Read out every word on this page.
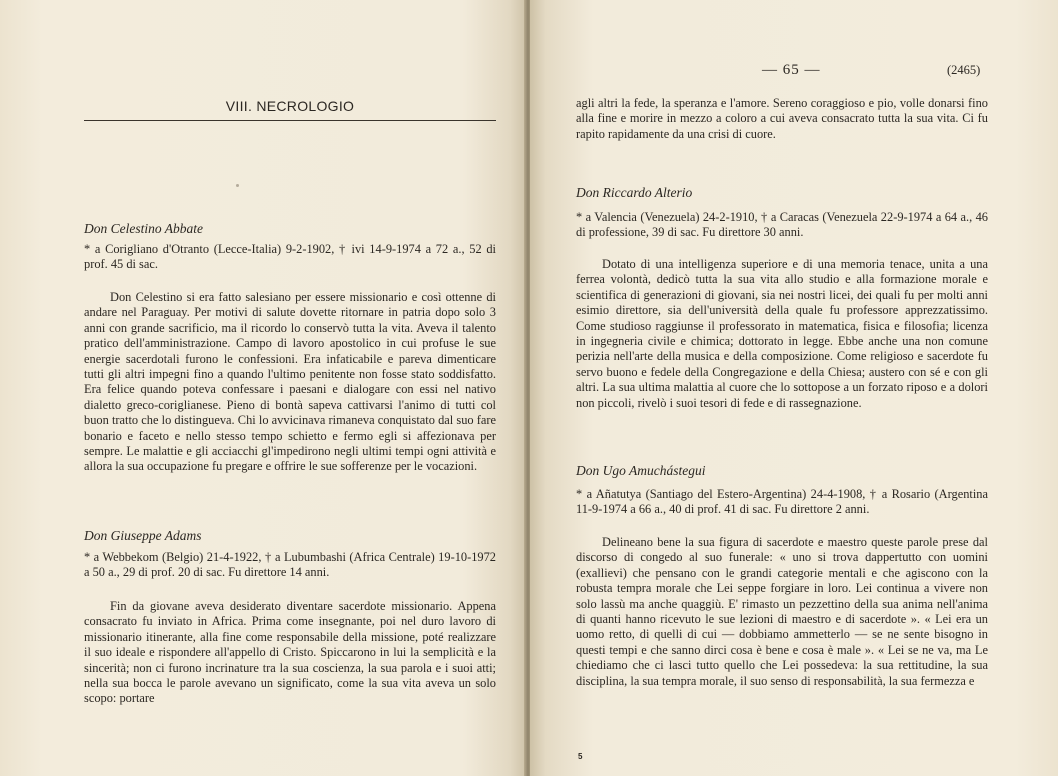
VIII. NECROLOGIO
Don Celestino Abbate

* a Corigliano d'Otranto (Lecce-Italia) 9-2-1902, † ivi 14-9-1974 a 72 a., 52 di prof. 45 di sac.

Don Celestino si era fatto salesiano per essere missionario e così ottenne di andare nel Paraguay. Per motivi di salute dovette ritornare in patria dopo solo 3 anni con grande sacrificio, ma il ricordo lo conservò tutta la vita. Aveva il talento pratico dell'amministrazione. Campo di lavoro apostolico in cui profuse le sue energie sacerdotali furono le confessioni. Era infaticabile e pareva dimenticare tutti gli altri impegni fino a quando l'ultimo penitente non fosse stato soddisfatto. Era felice quando poteva confessare i paesani e dialogare con essi nel nativo dialetto greco-coriglianese. Pieno di bontà sapeva cattivarsi l'animo di tutti col buon tratto che lo distingueva. Chi lo avvicinava rimaneva conquistato dal suo fare bonario e faceto e nello stesso tempo schietto e fermo egli si affezionava per sempre. Le malattie e gli acciacchi gl'impedirono negli ultimi tempi ogni attività e allora la sua occupazione fu pregare e offrire le sue sofferenze per le vocazioni.

Don Giuseppe Adams

* a Webbekom (Belgio) 21-4-1922, † a Lubumbashi (Africa Centrale) 19-10-1972 a 50 a., 29 di prof. 20 di sac. Fu direttore 14 anni.

Fin da giovane aveva desiderato diventare sacerdote missionario. Appena consacrato fu inviato in Africa. Prima come insegnante, poi nel duro lavoro di missionario itinerante, alla fine come responsabile della missione, poté realizzare il suo ideale e rispondere all'appello di Cristo. Spiccarono in lui la semplicità e la sincerità; non ci furono incrinature tra la sua coscienza, la sua parola e i suoi atti; nella sua bocca le parole avevano un significato, come la sua vita aveva un solo scopo: portare

— 65 —	(2465)

agli altri la fede, la speranza e l'amore. Sereno coraggioso e pio, volle donarsi fino alla fine e morire in mezzo a coloro a cui aveva consacrato tutta la sua vita. Ci fu rapito rapidamente da una crisi di cuore.

Don Riccardo Alterio

* a Valencia (Venezuela) 24-2-1910, † a Caracas (Venezuela 22-9-1974 a 64 a., 46 di professione, 39 di sac. Fu direttore 30 anni.

Dotato di una intelligenza superiore e di una memoria tenace, unita a una ferrea volontà, dedicò tutta la sua vita allo studio e alla formazione morale e scientifica di generazioni di giovani, sia nei nostri licei, dei quali fu per molti anni esimio direttore, sia dell'università della quale fu professore apprezzatissimo. Come studioso raggiunse il professorato in matematica, fisica e filosofia; licenza in ingegneria civile e chimica; dottorato in legge. Ebbe anche una non comune perizia nell'arte della musica e della composizione. Come religioso e sacerdote fu servo buono e fedele della Congregazione e della Chiesa; austero con sé e con gli altri. La sua ultima malattia al cuore che lo sottopose a un forzato riposo e a dolori non piccoli, rivelò i suoi tesori di fede e di rassegnazione.

Don Ugo Amuchástegui

* a Añatutya (Santiago del Estero-Argentina) 24-4-1908, † a Rosario (Argentina 11-9-1974 a 66 a., 40 di prof. 41 di sac. Fu direttore 2 anni.

Delineano bene la sua figura di sacerdote e maestro queste parole prese dal discorso di congedo al suo funerale: « uno si trova dappertutto con uomini (exallievi) che pensano con le grandi categorie mentali e che agiscono con la robusta tempra morale che Lei seppe forgiare in loro. Lei continua a vivere non solo lassù ma anche quaggiù. E' rimasto un pezzettino della sua anima nell'anima di quanti hanno ricevuto le sue lezioni di maestro e di sacerdote ». « Lei era un uomo retto, di quelli di cui — dobbiamo ammetterlo — se ne sente bisogno in questi tempi e che sanno dirci cosa è bene e cosa è male ». « Lei se ne va, ma Le chiediamo che ci lasci tutto quello che Lei possedeva: la sua rettitudine, la sua disciplina, la sua tempra morale, il suo senso di responsabilità, la sua fermezza e

5
